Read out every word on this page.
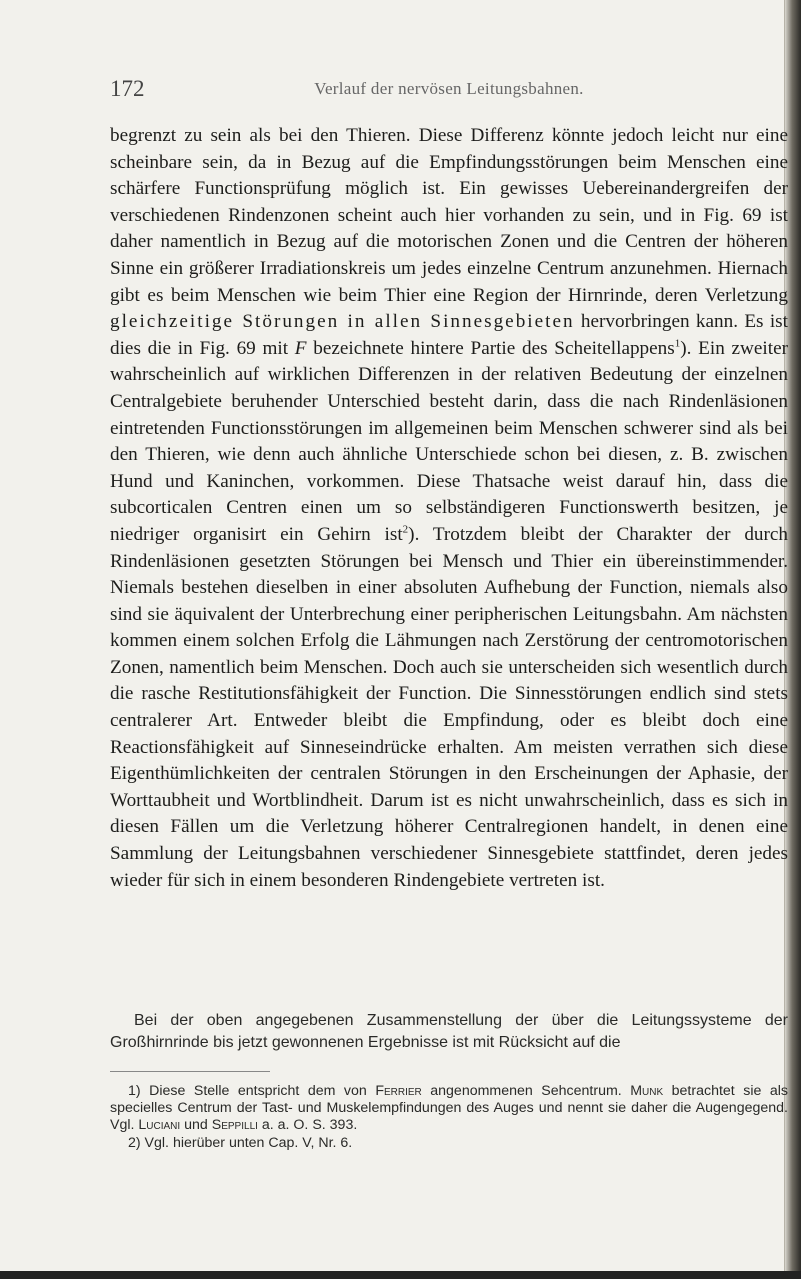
172	Verlauf der nervösen Leitungsbahnen.

begrenzt zu sein als bei den Thieren. Diese Differenz könnte jedoch leicht nur eine scheinbare sein, da in Bezug auf die Empfindungsstörungen beim Menschen eine schärfere Functionsprüfung möglich ist. Ein gewisses Uebereinandergreifen der verschiedenen Rindenzonen scheint auch hier vorhanden zu sein, und in Fig. 69 ist daher namentlich in Bezug auf die motorischen Zonen und die Centren der höheren Sinne ein größerer Irradiationskreis um jedes einzelne Centrum anzunehmen. Hiernach gibt es beim Menschen wie beim Thier eine Region der Hirnrinde, deren Verletzung gleichzeitige Störungen in allen Sinnesgebieten hervorbringen kann. Es ist dies die in Fig. 69 mit F bezeichnete hintere Partie des Scheitellappens$^1$). Ein zweiter wahrscheinlich auf wirklichen Differenzen in der relativen Bedeutung der einzelnen Centralgebiete beruhender Unterschied besteht darin, dass die nach Rindenläsionen eintretenden Functionsstörungen im allgemeinen beim Menschen schwerer sind als bei den Thieren, wie denn auch ähnliche Unterschiede schon bei diesen, z. B. zwischen Hund und Kaninchen, vorkommen. Diese Thatsache weist darauf hin, dass die subcorticalen Centren einen um so selbständigeren Functionswerth besitzen, je niedriger organisirt ein Gehirn ist$^2$). Trotzdem bleibt der Charakter der durch Rindenläsionen gesetzten Störungen bei Mensch und Thier ein übereinstimmender. Niemals bestehen dieselben in einer absoluten Aufhebung der Function, niemals also sind sie äquivalent der Unterbrechung einer peripherischen Leitungsbahn. Am nächsten kommen einem solchen Erfolg die Lähmungen nach Zerstörung der centromotorischen Zonen, namentlich beim Menschen. Doch auch sie unterscheiden sich wesentlich durch die rasche Restitutionsfähigkeit der Function. Die Sinnesstörungen endlich sind stets centralerer Art. Entweder bleibt die Empfindung, oder es bleibt doch eine Reactionsfähigkeit auf Sinneseindrücke erhalten. Am meisten verrathen sich diese Eigenthümlichkeiten der centralen Störungen in den Erscheinungen der Aphasie, der Worttaubheit und Wortblindheit. Darum ist es nicht unwahrscheinlich, dass es sich in diesen Fällen um die Verletzung höherer Centralregionen handelt, in denen eine Sammlung der Leitungsbahnen verschiedener Sinnesgebiete stattfindet, deren jedes wieder für sich in einem besonderen Rindengebiete vertreten ist.

Bei der oben angegebenen Zusammenstellung der über die Leitungssysteme der Großhirnrinde bis jetzt gewonnenen Ergebnisse ist mit Rücksicht auf die

1) Diese Stelle entspricht dem von Ferrier angenommenen Sehcentrum. Munk betrachtet sie als specielles Centrum der Tast- und Muskelempfindungen des Auges und nennt sie daher die Augengegend. Vgl. Luciani und Seppilli a. a. O. S. 393.

2) Vgl. hierüber unten Cap. V, Nr. 6.
